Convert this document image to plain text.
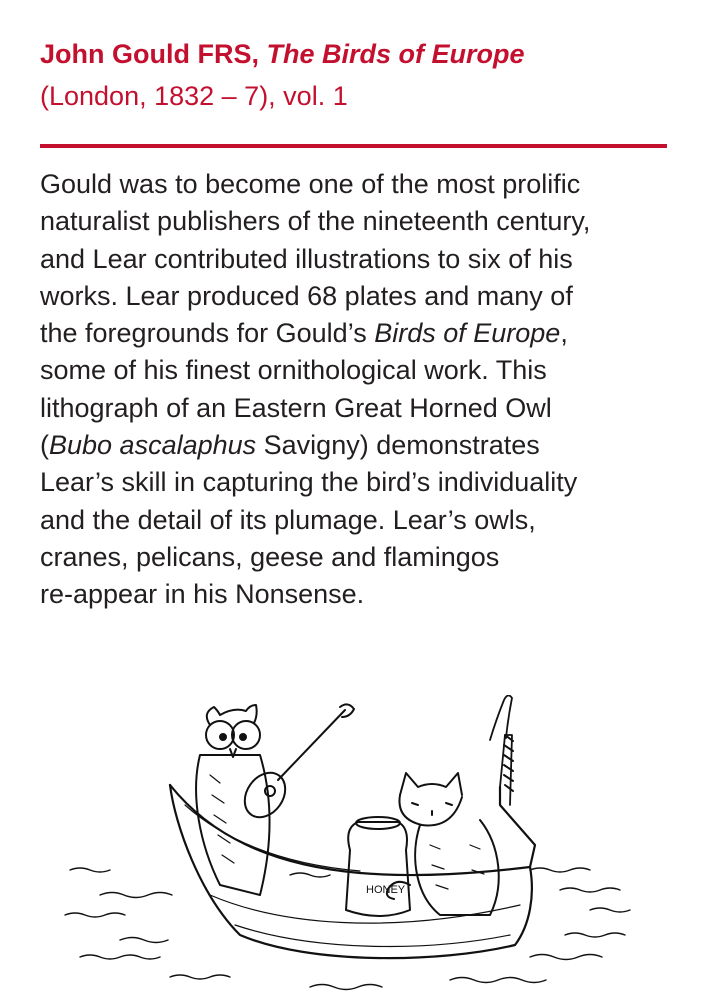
John Gould FRS, The Birds of Europe
(London, 1832 – 7), vol. 1
Gould was to become one of the most prolific
naturalist publishers of the nineteenth century,
and Lear contributed illustrations to six of his
works. Lear produced 68 plates and many of
the foregrounds for Gould’s Birds of Europe,
some of his finest ornithological work. This
lithograph of an Eastern Great Horned Owl
(Bubo ascalaphus Savigny) demonstrates
Lear’s skill in capturing the bird’s individuality
and the detail of its plumage. Lear’s owls,
cranes, pelicans, geese and flamingos
re-appear in his Nonsense.
HONEY
